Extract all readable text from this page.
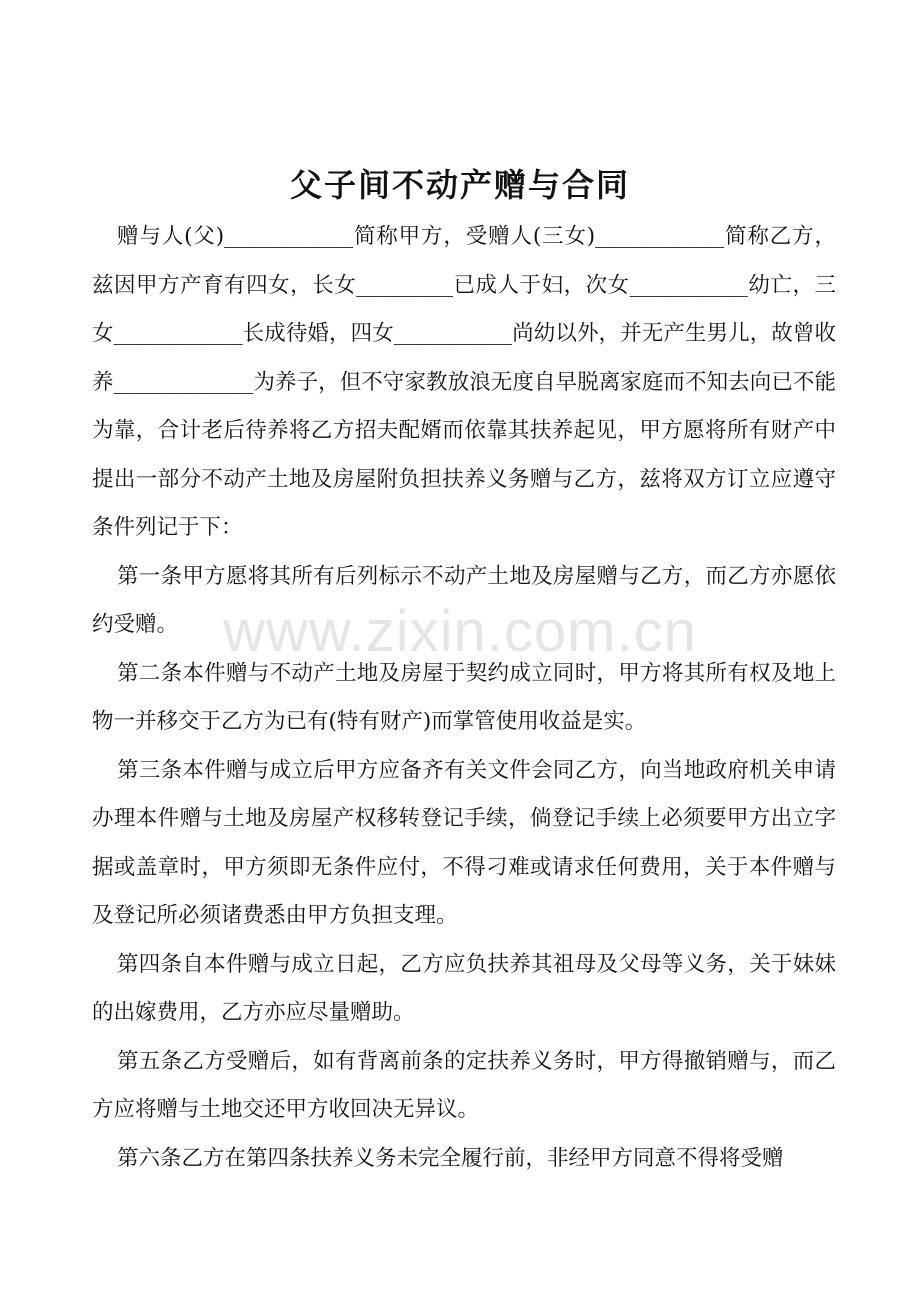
父子间不动产赠与合同

赠与人(父)____________简称甲方，受赠人(三女)____________简称乙方，兹因甲方产育有四女，长女_________已成人于妇，次女___________幼亡，三女____________长成待婚，四女___________尚幼以外，并无产生男儿，故曾收养_____________为养子，但不守家教放浪无度自早脱离家庭而不知去向已不能为靠，合计老后待养将乙方招夫配婿而依靠其扶养起见，甲方愿将所有财产中提出一部分不动产土地及房屋附负担扶养义务赠与乙方，兹将双方订立应遵守条件列记于下：

第一条甲方愿将其所有后列标示不动产土地及房屋赠与乙方，而乙方亦愿依约受赠。

第二条本件赠与不动产土地及房屋于契约成立同时，甲方将其所有权及地上物一并移交于乙方为已有(特有财产)而掌管使用收益是实。

第三条本件赠与成立后甲方应备齐有关文件会同乙方，向当地政府机关申请办理本件赠与土地及房屋产权移转登记手续，倘登记手续上必须要甲方出立字据或盖章时，甲方须即无条件应付，不得刁难或请求任何费用，关于本件赠与及登记所必须诸费悉由甲方负担支理。

第四条自本件赠与成立日起，乙方应负扶养其祖母及父母等义务，关于妹妹的出嫁费用，乙方亦应尽量赠助。

第五条乙方受赠后，如有背离前条的定扶养义务时，甲方得撤销赠与，而乙方应将赠与土地交还甲方收回决无异议。

第六条乙方在第四条扶养义务未完全履行前，非经甲方同意不得将受赠

www.zixin.com.cn
